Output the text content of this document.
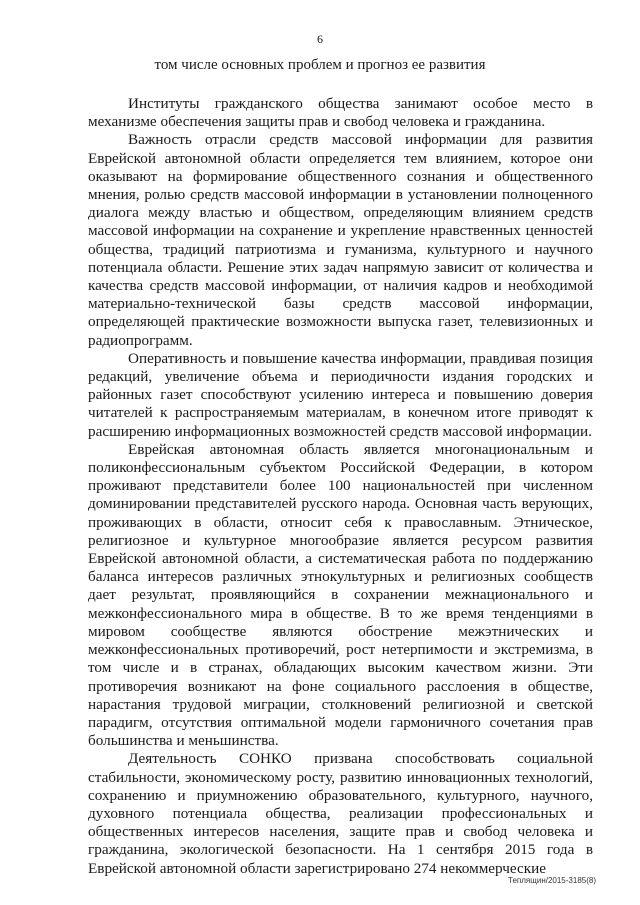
6
том числе основных проблем и прогноз ее развития

Институты гражданского общества занимают особое место в механизме обеспечения защиты прав и свобод человека и гражданина.

Важность отрасли средств массовой информации для развития Еврейской автономной области определяется тем влиянием, которое они оказывают на формирование общественного сознания и общественного мнения, ролью средств массовой информации в установлении полноценного диалога между властью и обществом, определяющим влиянием средств массовой информации на сохранение и укрепление нравственных ценностей общества, традиций патриотизма и гуманизма, культурного и научного потенциала области. Решение этих задач напрямую зависит от количества и качества средств массовой информации, от наличия кадров и необходимой материально-технической базы средств массовой информации, определяющей практические возможности выпуска газет, телевизионных и радиопрограмм.

Оперативность и повышение качества информации, правдивая позиция редакций, увеличение объема и периодичности издания городских и районных газет способствуют усилению интереса и повышению доверия читателей к распространяемым материалам, в конечном итоге приводят к расширению информационных возможностей средств массовой информации.

Еврейская автономная область является многонациональным и поликонфессиональным субъектом Российской Федерации, в котором проживают представители более 100 национальностей при численном доминировании представителей русского народа. Основная часть верующих, проживающих в области, относит себя к православным. Этническое, религиозное и культурное многообразие является ресурсом развития Еврейской автономной области, а систематическая работа по поддержанию баланса интересов различных этнокультурных и религиозных сообществ дает результат, проявляющийся в сохранении межнационального и межконфессионального мира в обществе. В то же время тенденциями в мировом сообществе являются обострение межэтнических и межконфессиональных противоречий, рост нетерпимости и экстремизма, в том числе и в странах, обладающих высоким качеством жизни. Эти противоречия возникают на фоне социального расслоения в обществе, нарастания трудовой миграции, столкновений религиозной и светской парадигм, отсутствия оптимальной модели гармоничного сочетания прав большинства и меньшинства.

Деятельность СОНКО призвана способствовать социальной стабильности, экономическому росту, развитию инновационных технологий, сохранению и приумножению образовательного, культурного, научного, духовного потенциала общества, реализации профессиональных и общественных интересов населения, защите прав и свобод человека и гражданина, экологической безопасности. На 1 сентября 2015 года в Еврейской автономной области зарегистрировано 274 некоммерческие

Теплящин/2015-3185(8)
